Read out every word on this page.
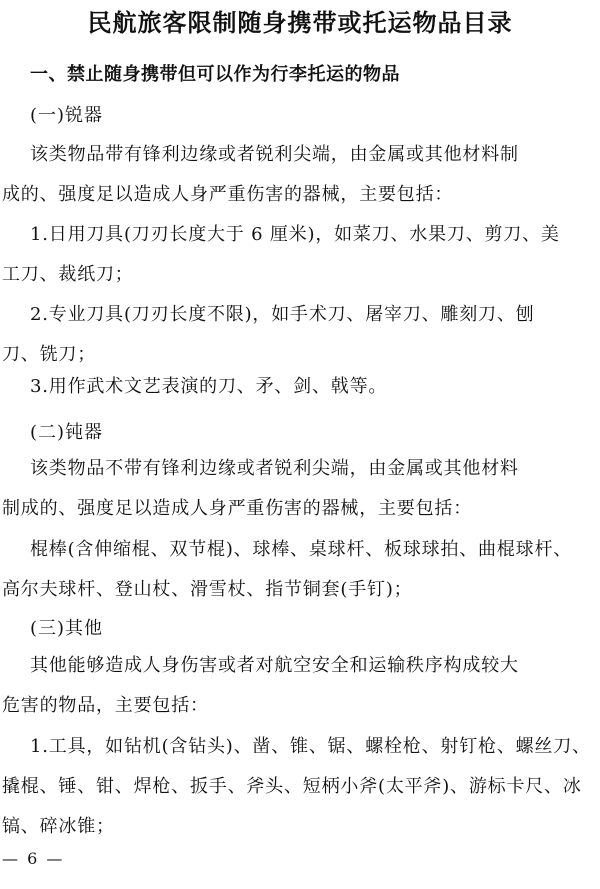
民航旅客限制随身携带或托运物品目录
一、禁止随身携带但可以作为行李托运的物品
(一)锐器
该类物品带有锋利边缘或者锐利尖端，由金属或其他材料制
成的、强度足以造成人身严重伤害的器械，主要包括：
1.日用刀具(刀刃长度大于 6 厘米)，如菜刀、水果刀、剪刀、美
工刀、裁纸刀；
2.专业刀具(刀刃长度不限)，如手术刀、屠宰刀、雕刻刀、刨
刀、铣刀；
3.用作武术文艺表演的刀、矛、剑、戟等。
(二)钝器
该类物品不带有锋利边缘或者锐利尖端，由金属或其他材料
制成的、强度足以造成人身严重伤害的器械，主要包括：
棍棒(含伸缩棍、双节棍)、球棒、桌球杆、板球球拍、曲棍球杆、
高尔夫球杆、登山杖、滑雪杖、指节铜套(手钉)；
(三)其他
其他能够造成人身伤害或者对航空安全和运输秩序构成较大
危害的物品，主要包括：
1.工具，如钻机(含钻头)、凿、锥、锯、螺栓枪、射钉枪、螺丝刀、
撬棍、锤、钳、焊枪、扳手、斧头、短柄小斧(太平斧)、游标卡尺、冰
镐、碎冰锥；
— 6 —
